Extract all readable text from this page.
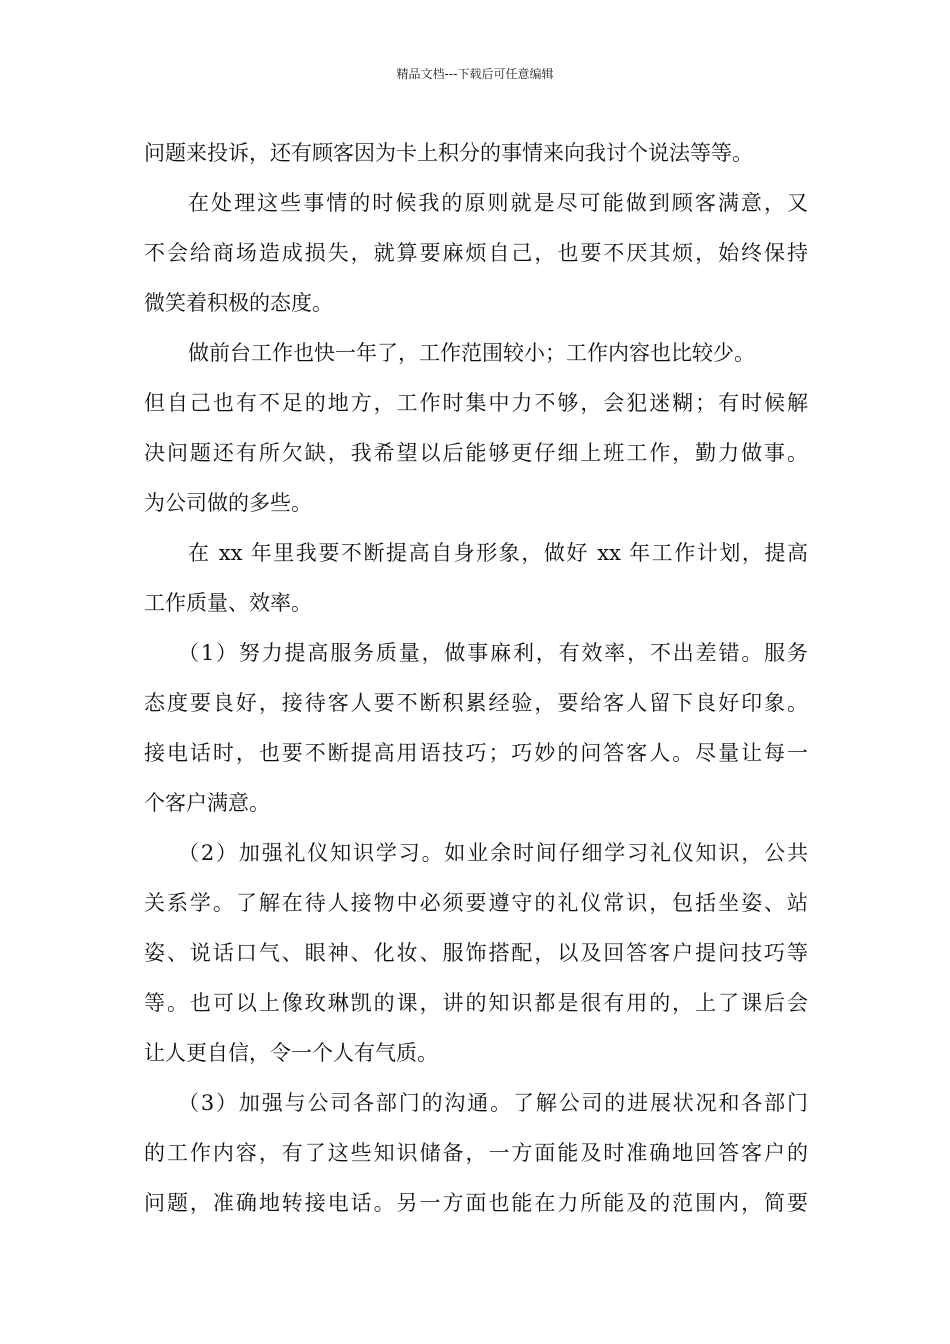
精品文档---下载后可任意编辑
问题来投诉，还有顾客因为卡上积分的事情来向我讨个说法等等。
在处理这些事情的时候我的原则就是尽可能做到顾客满意，又
不会给商场造成损失，就算要麻烦自己，也要不厌其烦，始终保持
微笑着积极的态度。
做前台工作也快一年了，工作范围较小；工作内容也比较少。
但自己也有不足的地方，工作时集中力不够，会犯迷糊；有时候解
决问题还有所欠缺，我希望以后能够更仔细上班工作，勤力做事。
为公司做的多些。
在 xx 年里我要不断提高自身形象，做好 xx 年工作计划，提高
工作质量、效率。
（1）努力提高服务质量，做事麻利，有效率，不出差错。服务
态度要良好，接待客人要不断积累经验，要给客人留下良好印象。
接电话时，也要不断提高用语技巧；巧妙的问答客人。尽量让每一
个客户满意。
（2）加强礼仪知识学习。如业余时间仔细学习礼仪知识，公共
关系学。了解在待人接物中必须要遵守的礼仪常识，包括坐姿、站
姿、说话口气、眼神、化妆、服饰搭配，以及回答客户提问技巧等
等。也可以上像玫琳凯的课，讲的知识都是很有用的，上了课后会
让人更自信，令一个人有气质。
（3）加强与公司各部门的沟通。了解公司的进展状况和各部门
的工作内容，有了这些知识储备，一方面能及时准确地回答客户的
问题，准确地转接电话。另一方面也能在力所能及的范围内，简要
